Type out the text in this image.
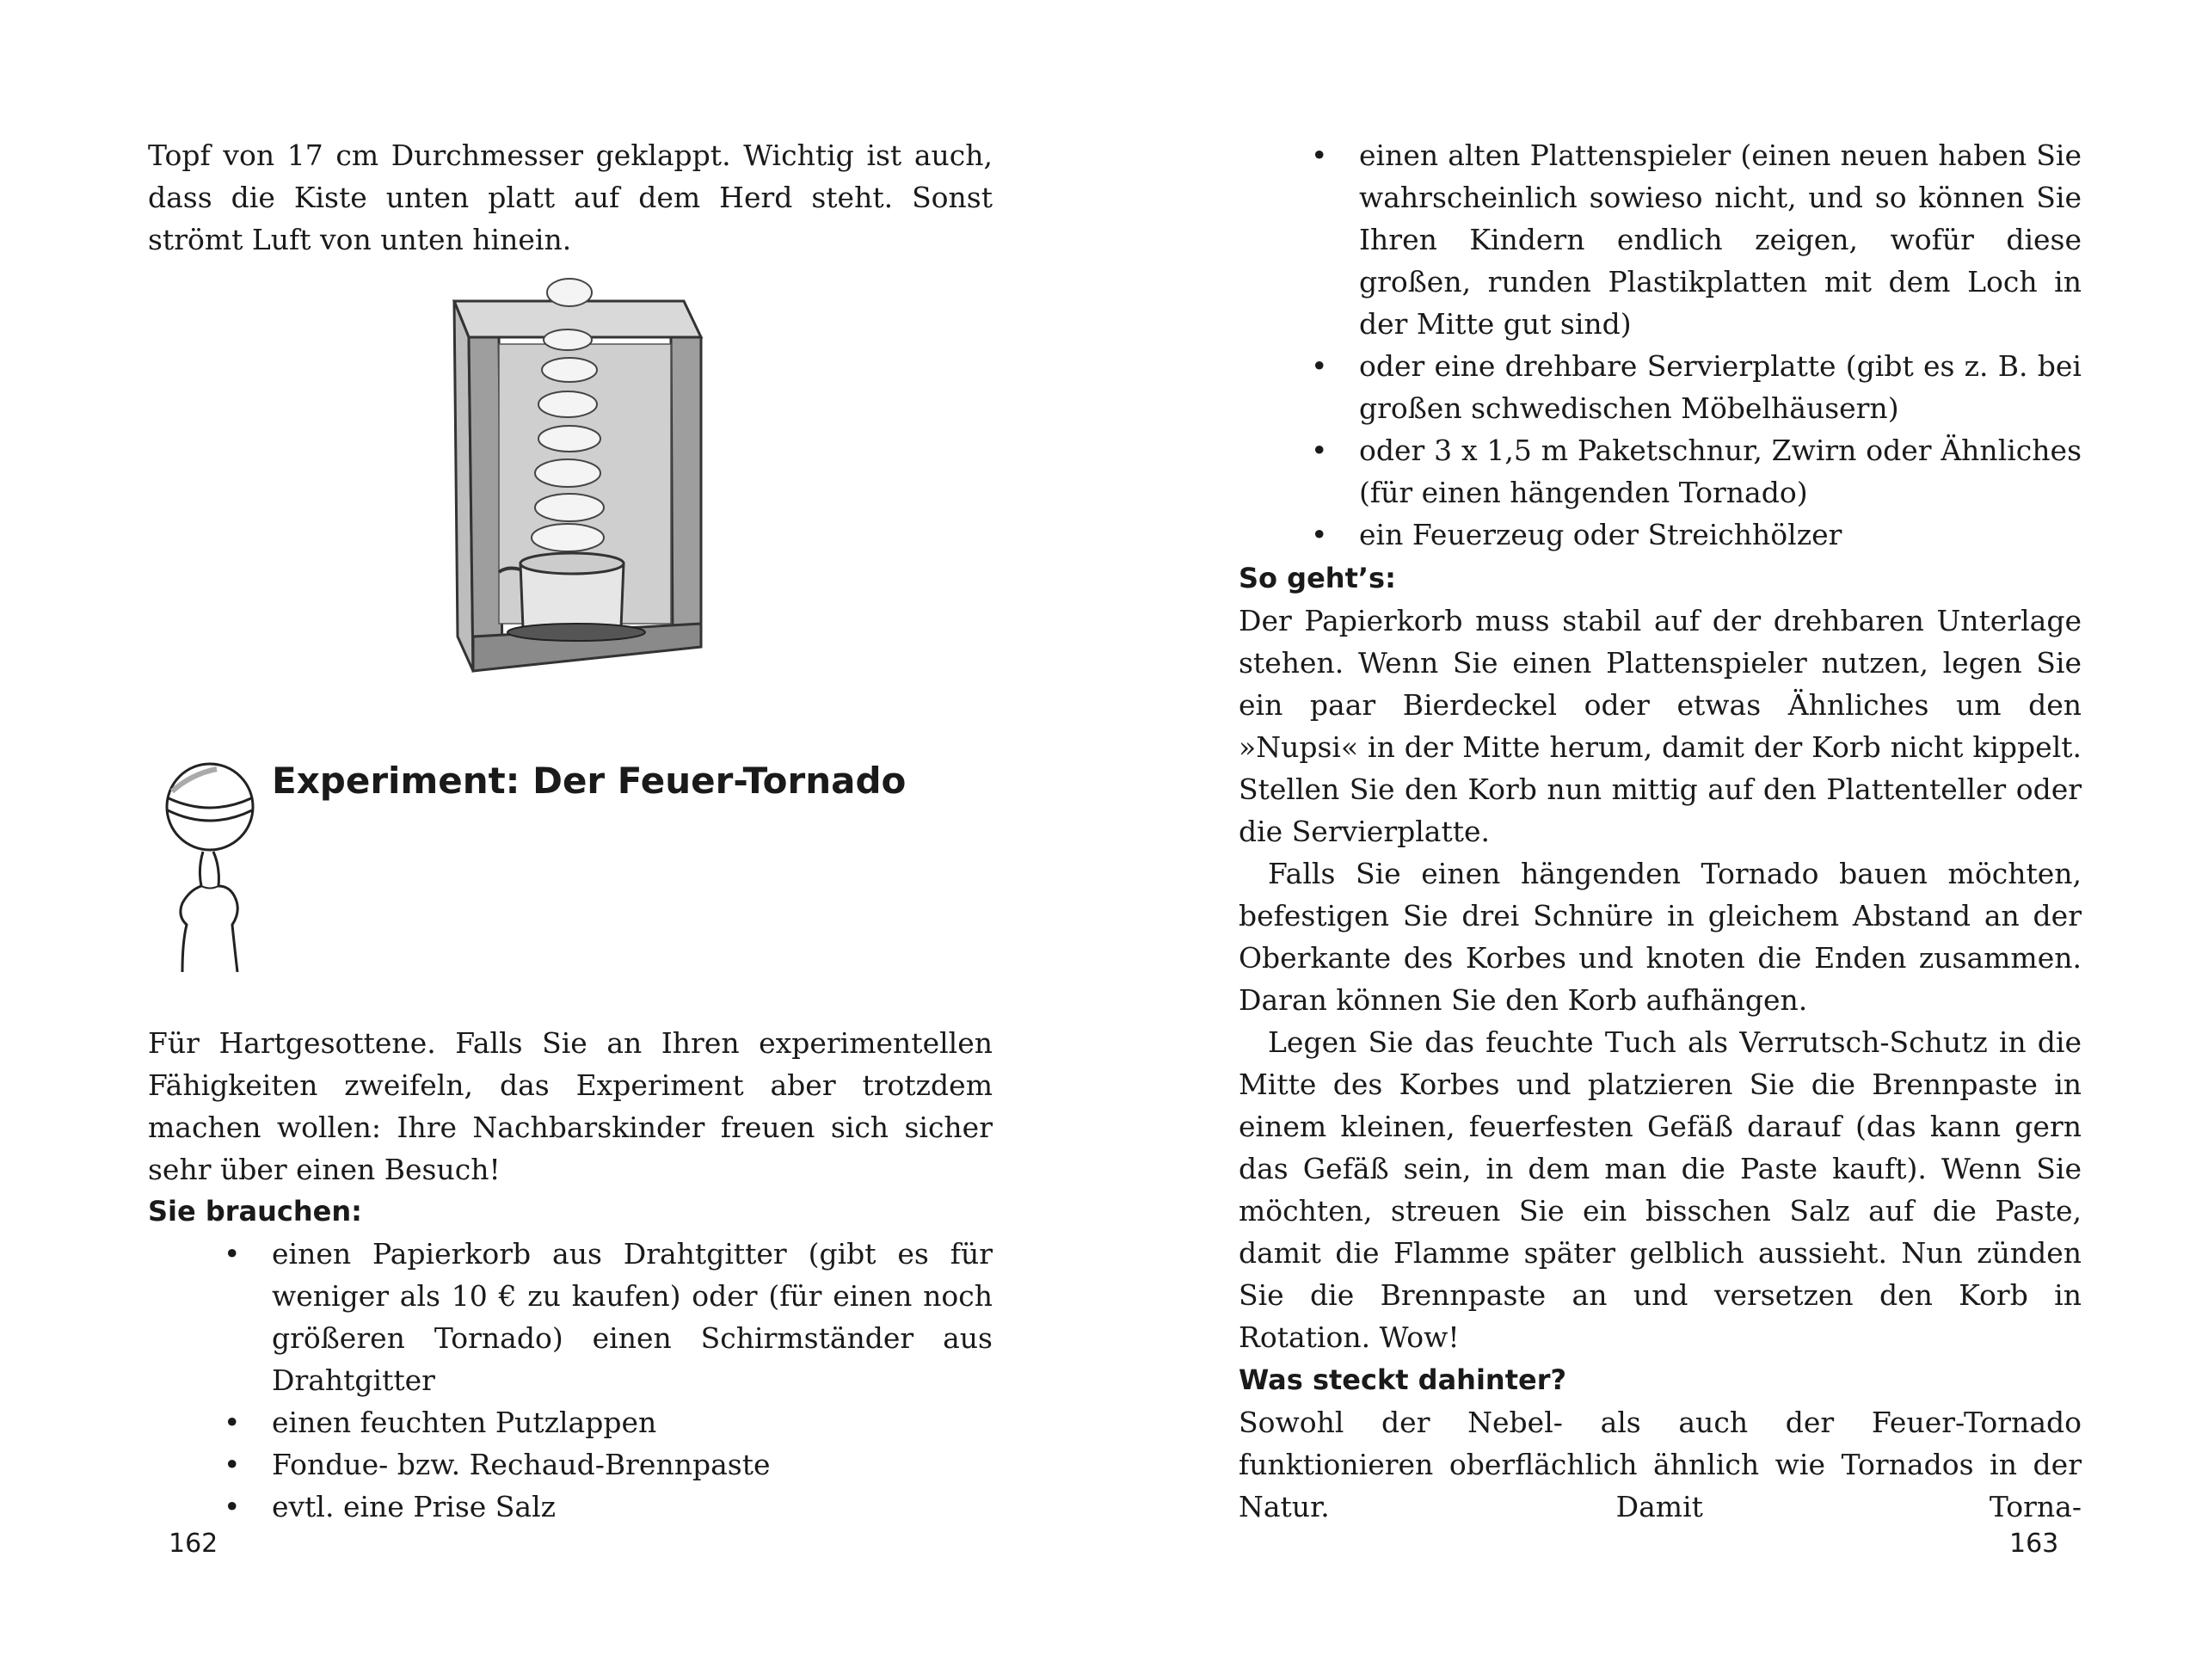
Topf von 17 cm Durchmesser geklappt. Wichtig ist auch, dass die Kiste unten platt auf dem Herd steht. Sonst strömt Luft von unten hinein.

Experiment: Der Feuer-Tornado

Für Hartgesottene. Falls Sie an Ihren experimentellen Fähigkeiten zweifeln, das Experiment aber trotzdem machen wollen: Ihre Nachbarskinder freuen sich sicher sehr über einen Besuch!

Sie brauchen:
• einen Papierkorb aus Drahtgitter (gibt es für weniger als 10 € zu kaufen) oder (für einen noch größeren Tornado) einen Schirmständer aus Drahtgitter
• einen feuchten Putzlappen
• Fondue- bzw. Rechaud-Brennpaste
• evtl. eine Prise Salz

162

• einen alten Plattenspieler (einen neuen haben Sie wahrscheinlich sowieso nicht, und so können Sie Ihren Kindern endlich zeigen, wofür diese großen, runden Plastikplatten mit dem Loch in der Mitte gut sind)
• oder eine drehbare Servierplatte (gibt es z. B. bei großen schwedischen Möbelhäusern)
• oder 3 x 1,5 m Paketschnur, Zwirn oder Ähnliches (für einen hängenden Tornado)
• ein Feuerzeug oder Streichhölzer
So geht’s:

Der Papierkorb muss stabil auf der drehbaren Unterlage stehen. Wenn Sie einen Plattenspieler nutzen, legen Sie ein paar Bierdeckel oder etwas Ähnliches um den »Nupsi« in der Mitte herum, damit der Korb nicht kippelt. Stellen Sie den Korb nun mittig auf den Plattenteller oder die Servierplatte.

Falls Sie einen hängenden Tornado bauen möchten, befestigen Sie drei Schnüre in gleichem Abstand an der Oberkante des Korbes und knoten die Enden zusammen. Daran können Sie den Korb aufhängen.

Legen Sie das feuchte Tuch als Verrutsch-Schutz in die Mitte des Korbes und platzieren Sie die Brennpaste in einem kleinen, feuerfesten Gefäß darauf (das kann gern das Gefäß sein, in dem man die Paste kauft). Wenn Sie möchten, streuen Sie ein bisschen Salz auf die Paste, damit die Flamme später gelblich aussieht. Nun zünden Sie die Brennpaste an und versetzen den Korb in Rotation. Wow!

Was steckt dahinter?

Sowohl der Nebel- als auch der Feuer-Tornado funktionieren oberflächlich ähnlich wie Tornados in der Natur. Damit Torna-

163
